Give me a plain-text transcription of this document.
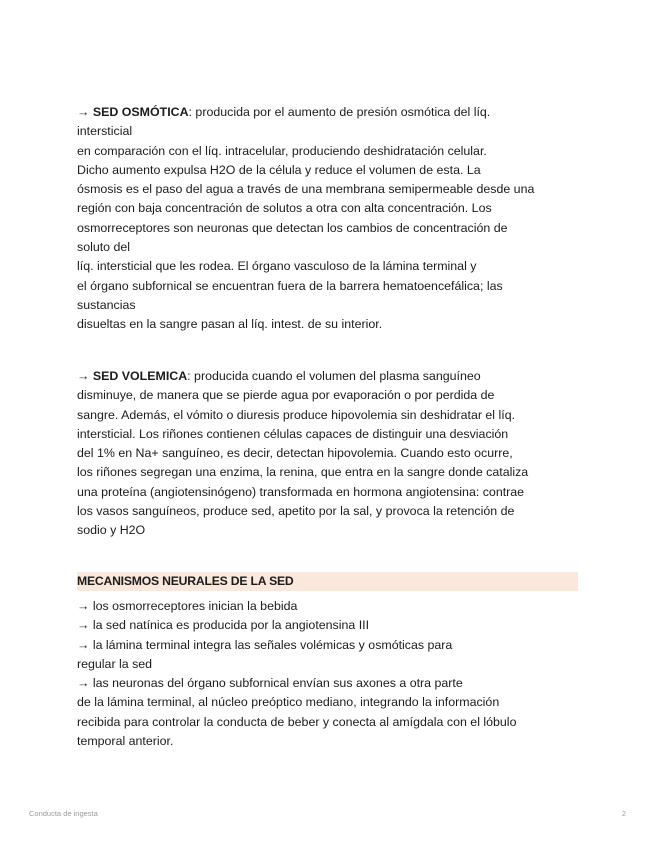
→ SED OSMÓTICA: producida por el aumento de presión osmótica del líq.
intersticial
en comparación con el líq. intracelular, produciendo deshidratación celular.
Dicho aumento expulsa H2O de la célula y reduce el volumen de esta. La
ósmosis es el paso del agua a través de una membrana semipermeable desde una
región con baja concentración de solutos a otra con alta concentración. Los
osmorreceptores son neuronas que detectan los cambios de concentración de
soluto del
líq. intersticial que les rodea. El órgano vasculoso de la lámina terminal y
el órgano subfornical se encuentran fuera de la barrera hematoencefálica; las
sustancias
disueltas en la sangre pasan al líq. intest. de su interior.
→ SED VOLEMICA: producida cuando el volumen del plasma sanguíneo
disminuye, de manera que se pierde agua por evaporación o por perdida de
sangre. Además, el vómito o diuresis produce hipovolemia sin deshidratar el líq.
intersticial. Los riñones contienen células capaces de distinguir una desviación
del 1% en Na+ sanguíneo, es decir, detectan hipovolemia. Cuando esto ocurre,
los riñones segregan una enzima, la renina, que entra en la sangre donde cataliza
una proteína (angiotensinógeno) transformada en hormona angiotensina: contrae
los vasos sanguíneos, produce sed, apetito por la sal, y provoca la retención de
sodio y H2O
MECANISMOS NEURALES DE LA SED
→ los osmorreceptores inician la bebida
→ la sed natínica es producida por la angiotensina III
→ la lámina terminal integra las señales volémicas y osmóticas para
regular la sed
→ las neuronas del órgano subfornical envían sus axones a otra parte
de la lámina terminal, al núcleo preóptico mediano, integrando la información
recibida para controlar la conducta de beber y conecta al amígdala con el lóbulo
temporal anterior.
Conducta de ingesta	2
